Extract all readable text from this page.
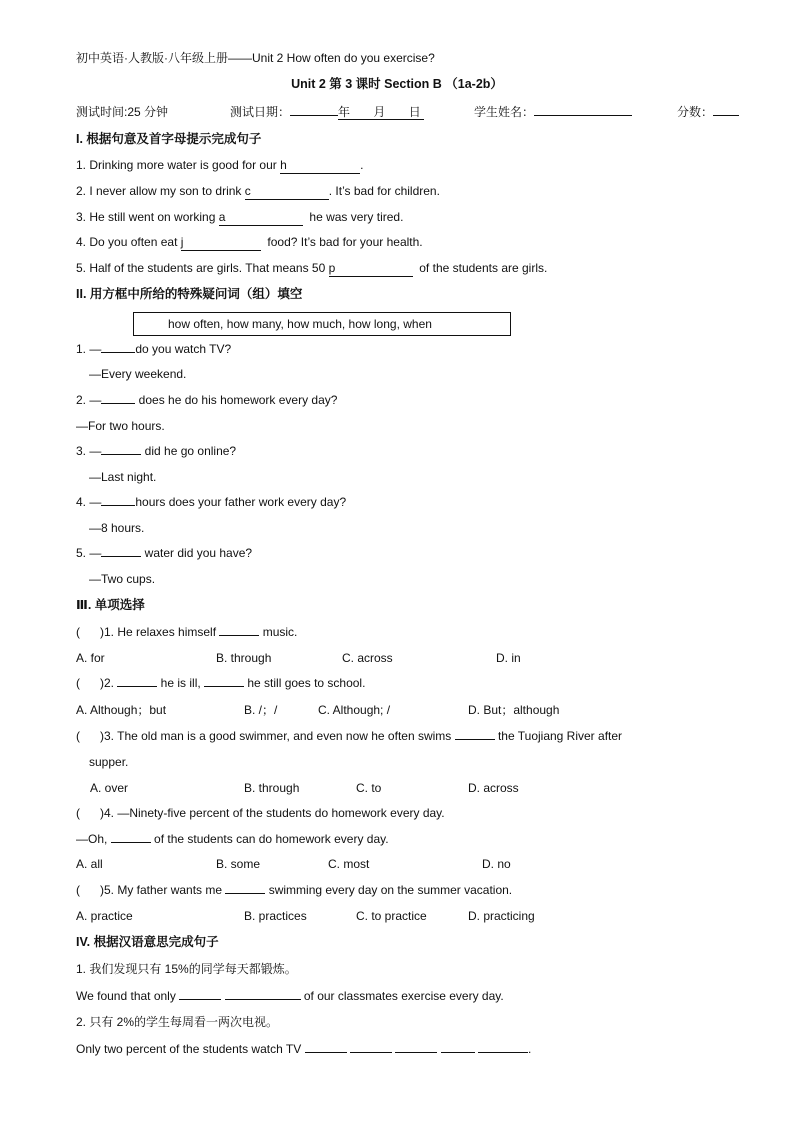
初中英语·人教版·八年级上册——Unit 2 How often do you exercise?
Unit 2 第 3 课时 Section B （1a-2b）
测试时间:25 分钟	测试日期：	年 月 日	学生姓名：	分数：
I. 根据句意及首字母提示完成句子
1. Drinking more water is good for our h	.
2. I never allow my son to drink c	. It’s bad for children.
3. He still went on working a	he was very tired.
4. Do you often eat j	food? It’s bad for your health.
5. Half of the students are girls. That means 50 p	of the students are girls.
II. 用方框中所给的特殊疑问词（组）填空
how often, how many, how much, how long, when
1. —	do you watch TV?
—Every weekend.
2. —	does he do his homework every day?
—For two hours.
3. —	did he go online?
—Last night.
4. —	hours does your father work every day?
—8 hours.
5. —	water did you have?
—Two cups.
Ⅲ. 单项选择
( )1. He relaxes himself	music.
A. for	B. through	C. across	D. in
( )2.	he is ill,	he still goes to school.
A. Although；but	B. /；/	C. Although; /	D. But；although
( )3. The old man is a good swimmer, and even now he often swims	the Tuojiang River after
supper.
A. over	B. through	C. to	D. across
( )4. —Ninety-five percent of the students do homework every day.
—Oh,	of the students can do homework every day.
A. all	B. some	C. most	D. no
( )5. My father wants me	swimming every day on the summer vacation.
A. practice	B. practices	C. to practice	D. practicing
IV. 根据汉语意思完成句子
1. 我们发现只有 15%的同学每天都锻炼。
We found that only	of our classmates exercise every day.
2. 只有 2%的学生每周看一两次电视。
Only two percent of the students watch TV	.
